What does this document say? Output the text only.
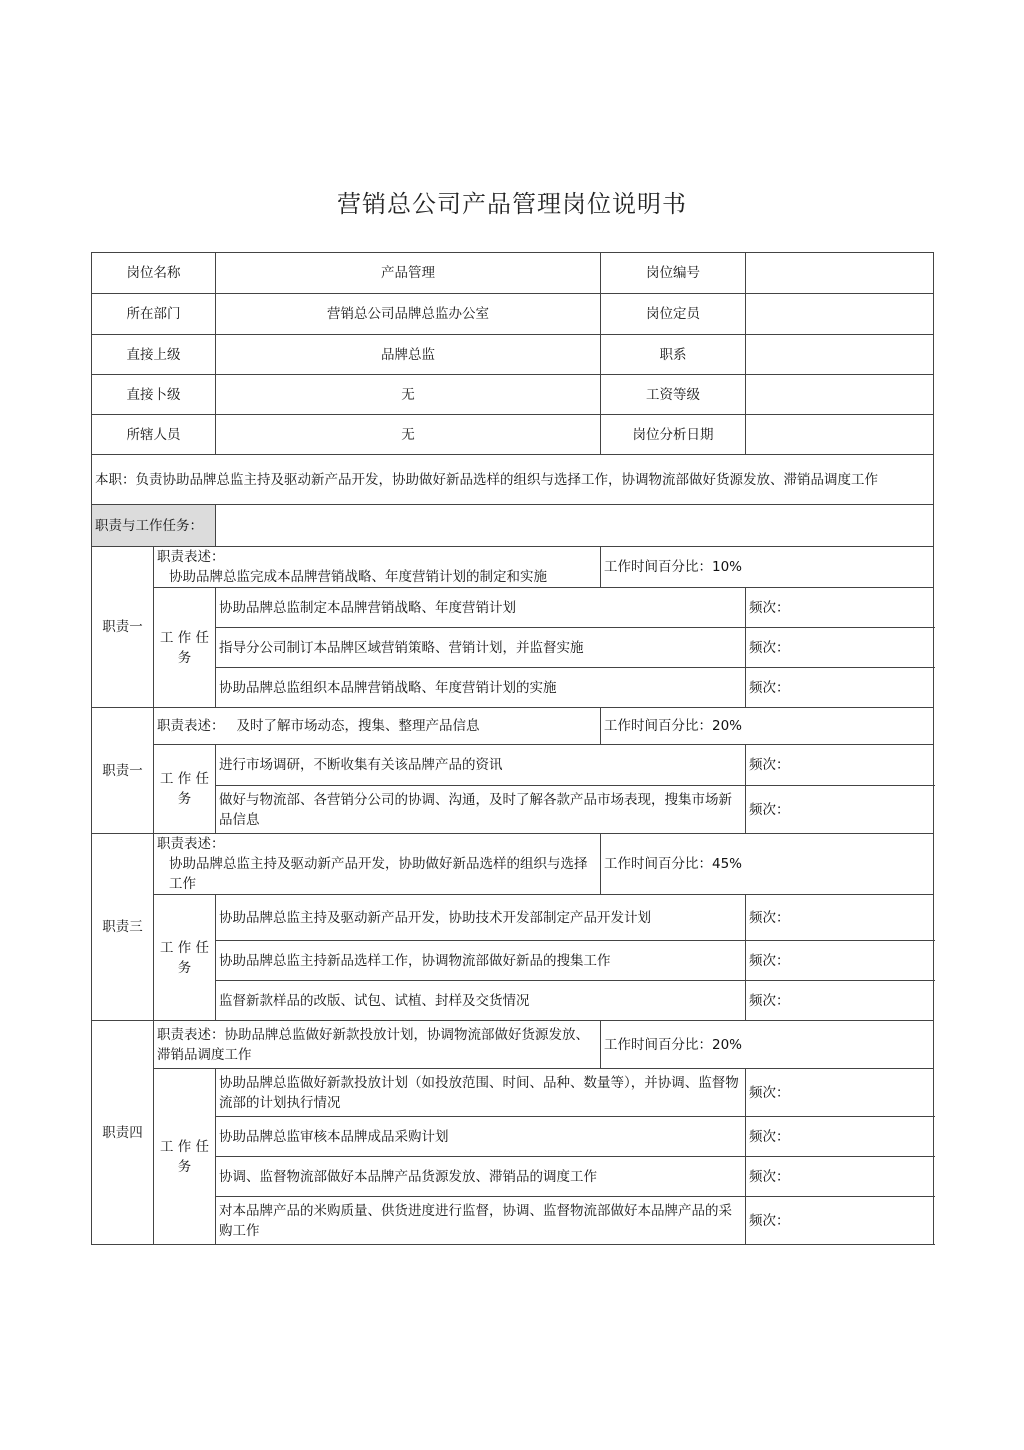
营销总公司产品管理岗位说明书
岗位名称		产品管理	岗位编号	
所在部门		营销总公司品牌总监办公室	岗位定员	
直接上级		品牌总监	职系	
直接卜级		无	工资等级	
所辖人员		无	岗位分析日期	
本职：负责协助品牌总监主持及驱动新产品开发，协助做好新品选样的组织与选择工作，协调物流部做好货源发放、滞销品调度工作				
职责与工作任务：				
职责一	职责表述：协助品牌总监完成本品牌营销战略、年度营销计划的制定和实施		工作时间百分比：10%	
	工 作 任 务	协助品牌总监制定本品牌营销战略、年度营销计划		频次：
		指导分公司制订本品牌区域营销策略、营销计划，并监督实施		频次：
		协助品牌总监组织本品牌营销战略、年度营销计划的实施		频次：
职责一	职责表述： 及时了解市场动态，搜集、整理产品信息		工作时间百分比：20%	
	工 作 任 务	进行市场调研，不断收集有关该品牌产品的资讯		频次：
		做好与物流部、各营销分公司的协调、沟通，及时了解各款产品市场表现，搜集市场新品信息		频次：
职责三	职责表述：协助品牌总监主持及驱动新产品开发，协助做好新品选样的组织与选择工作		工作时间百分比：45%	
	工 作 任 务	协助品牌总监主持及驱动新产品开发，协助技术开发部制定产品开发计划		频次：
		协助品牌总监主持新品选样工作，协调物流部做好新品的搜集工作		频次：
		监督新款样品的改版、试包、试植、封样及交货情况		频次：
职责四	职责表述：协助品牌总监做好新款投放计划，协调物流部做好货源发放、滞销品调度工作		工作时间百分比：20%	
	工 作 任 务	协助品牌总监做好新款投放计划（如投放范围、时间、品种、数量等），并协调、监督物流部的计划执行情况		频次：
		协助品牌总监审核本品牌成品采购计划		频次：
		协调、监督物流部做好本品牌产品货源发放、滞销品的调度工作		频次：
		对本品牌产品的米购质量、供货进度进行监督，协调、监督物流部做好本品牌产品的采购工作		频次：
